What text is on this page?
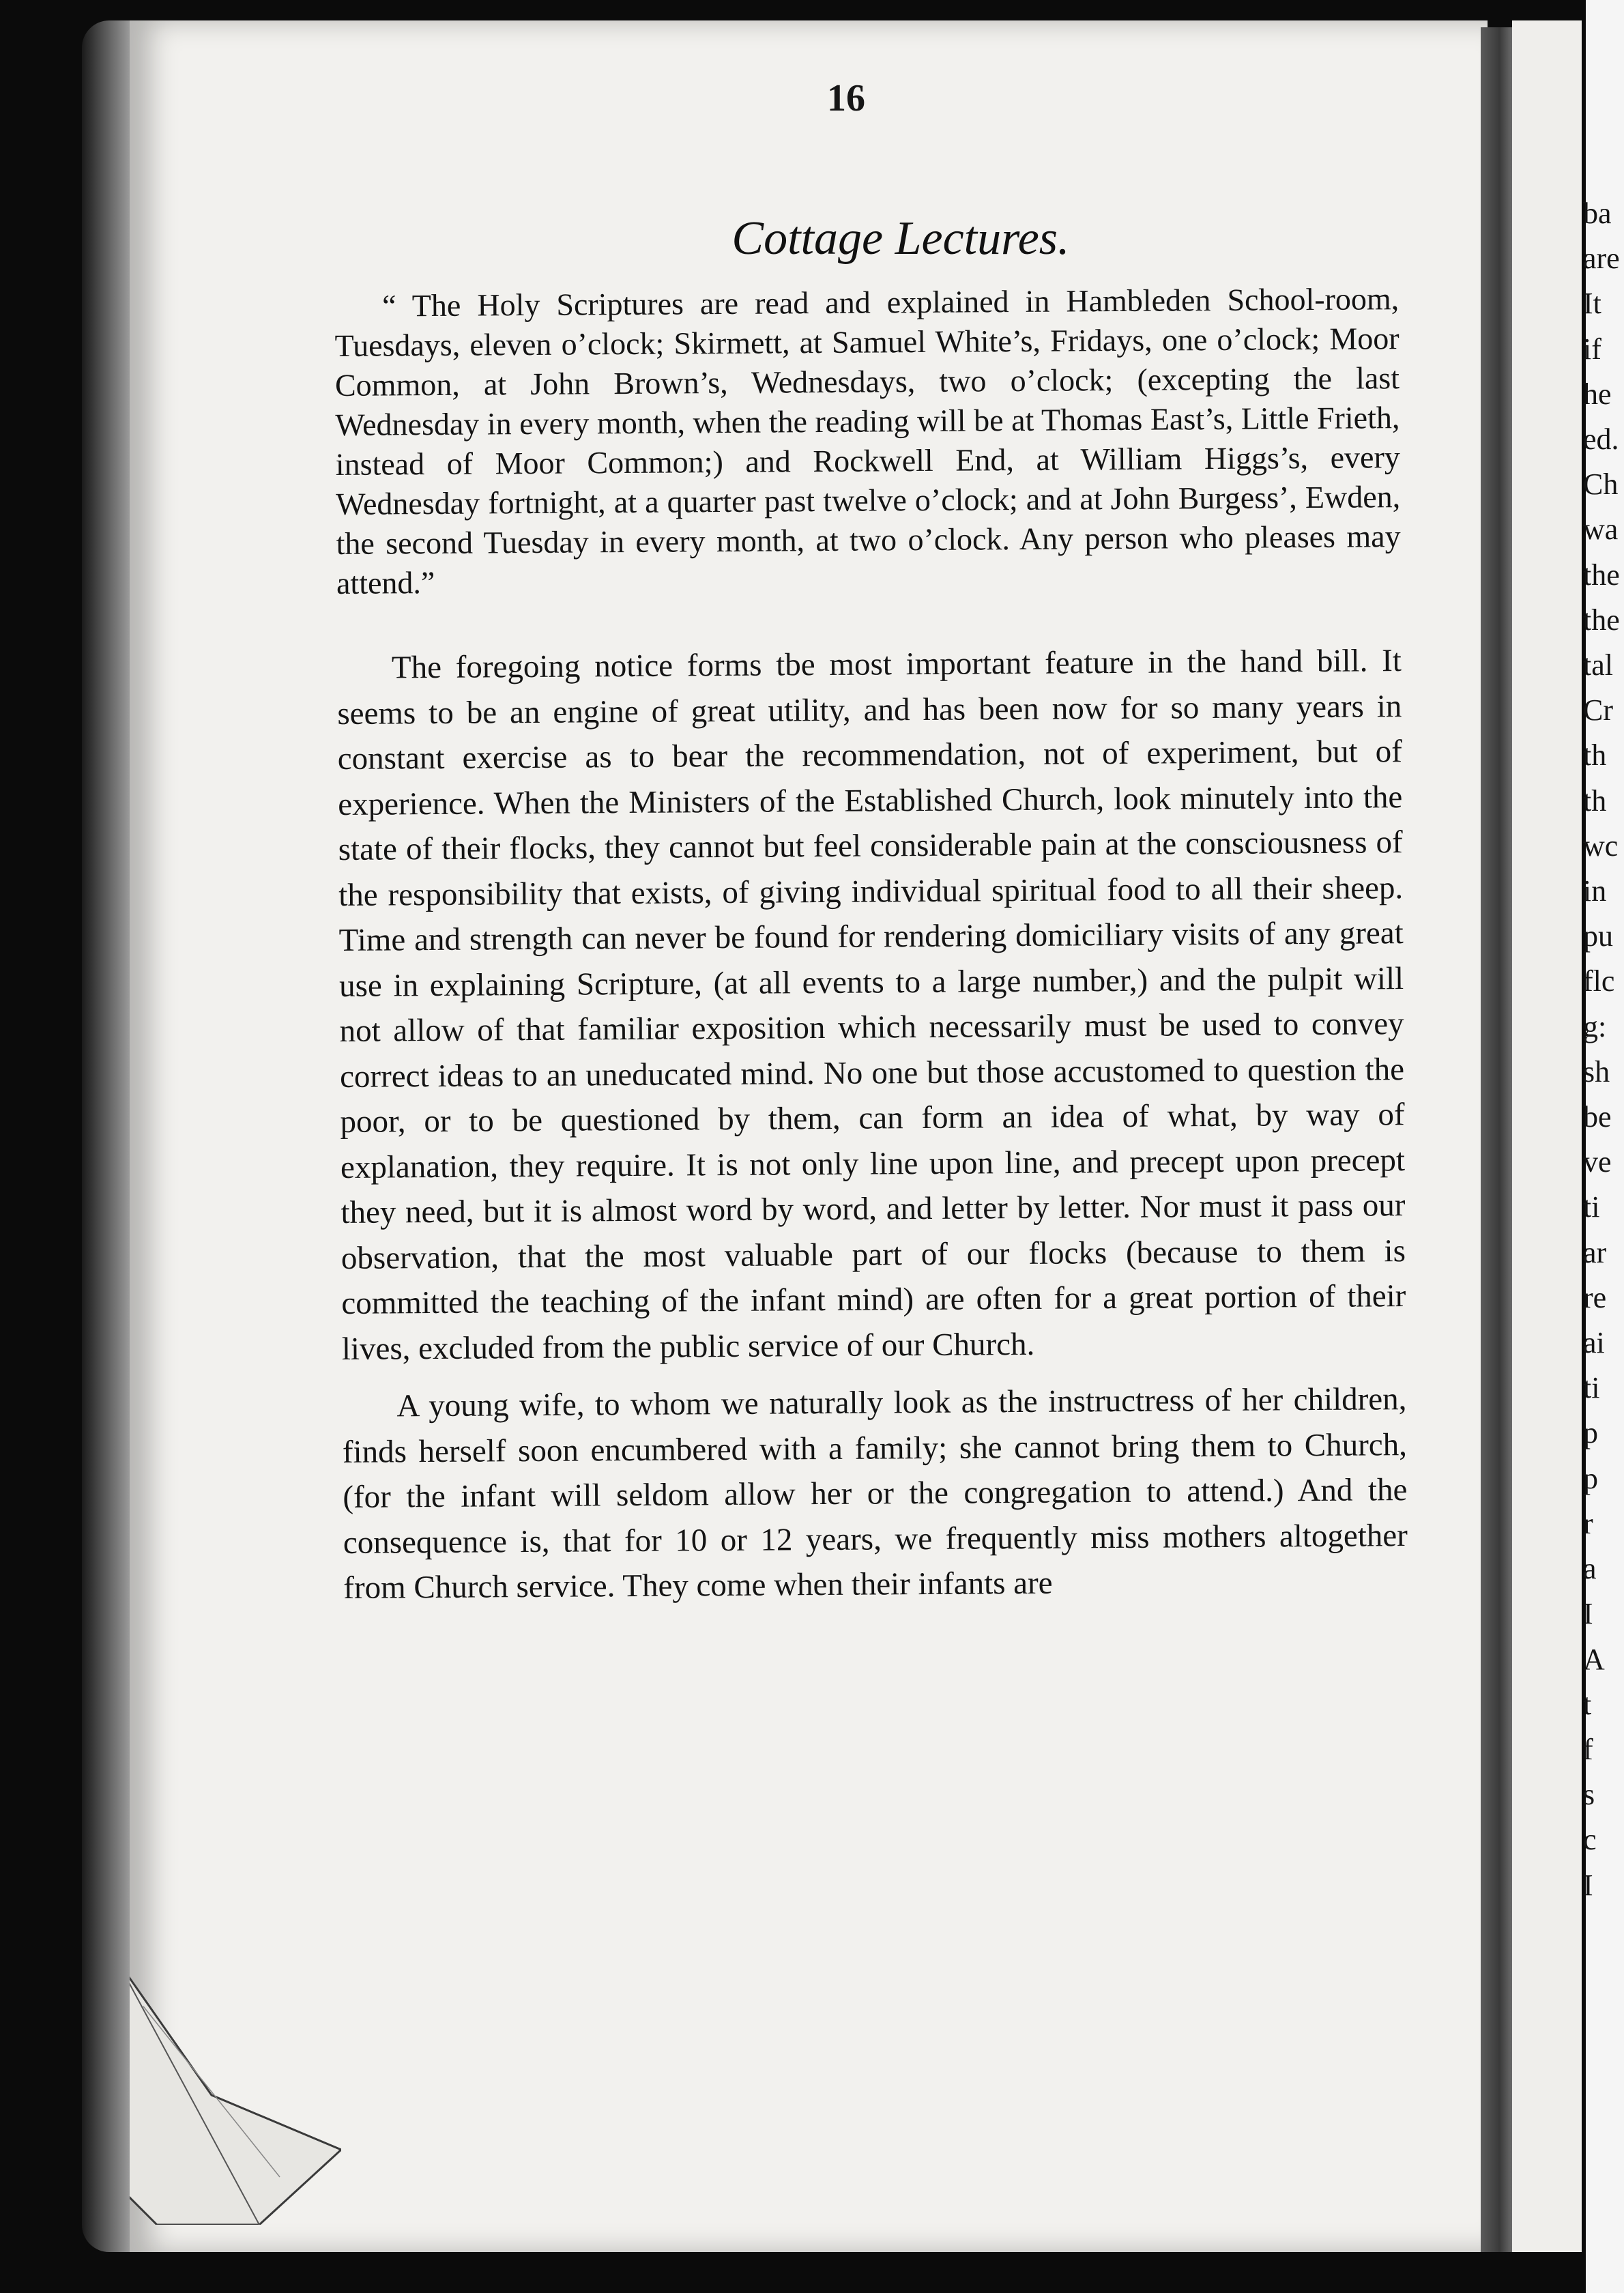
16
Cottage Lectures.

“ The Holy Scriptures are read and explained in Hambleden School-room, Tuesdays, eleven o’clock; Skirmett, at Samuel White’s, Fridays, one o’clock; Moor Common, at John Brown’s, Wednesdays, two o’clock; (excepting the last Wednesday in every month, when the reading will be at Thomas East’s, Little Frieth, instead of Moor Common;) and Rockwell End, at William Higgs’s, every Wednesday fortnight, at a quarter past twelve o’clock; and at John Burgess’, Ewden, the second Tuesday in every month, at two o’clock. Any person who pleases may attend.”

The foregoing notice forms tbe most important feature in the hand bill. It seems to be an engine of great utility, and has been now for so many years in constant exercise as to bear the recommendation, not of experiment, but of experience. When the Ministers of the Established Church, look minutely into the state of their flocks, they cannot but feel considerable pain at the consciousness of the responsibility that exists, of giving individual spiritual food to all their sheep. Time and strength can never be found for rendering domiciliary visits of any great use in explaining Scripture, (at all events to a large number,) and the pulpit will not allow of that familiar exposition which necessarily must be used to convey correct ideas to an uneducated mind. No one but those accustomed to question the poor, or to be questioned by them, can form an idea of what, by way of explanation, they require. It is not only line upon line, and precept upon precept they need, but it is almost word by word, and letter by letter. Nor must it pass our observation, that the most valuable part of our flocks (because to them is committed the teaching of the infant mind) are often for a great portion of their lives, excluded from the public service of our Church.

A young wife, to whom we naturally look as the instructress of her children, finds herself soon encumbered with a family; she cannot bring them to Church, (for the infant will seldom allow her or the congregation to attend.) And the consequence is, that for 10 or 12 years, we frequently miss mothers altogether from Church service. They come when their infants are

ba
are
It
if
he
ed.
Ch
wa
the
the
tal
Cr
th
th
wc
in
pu
flc
g:
sh
be
ve
ti
ar
re
ai
ti
p
p
r
a
I
A
t
f
s
c
I
